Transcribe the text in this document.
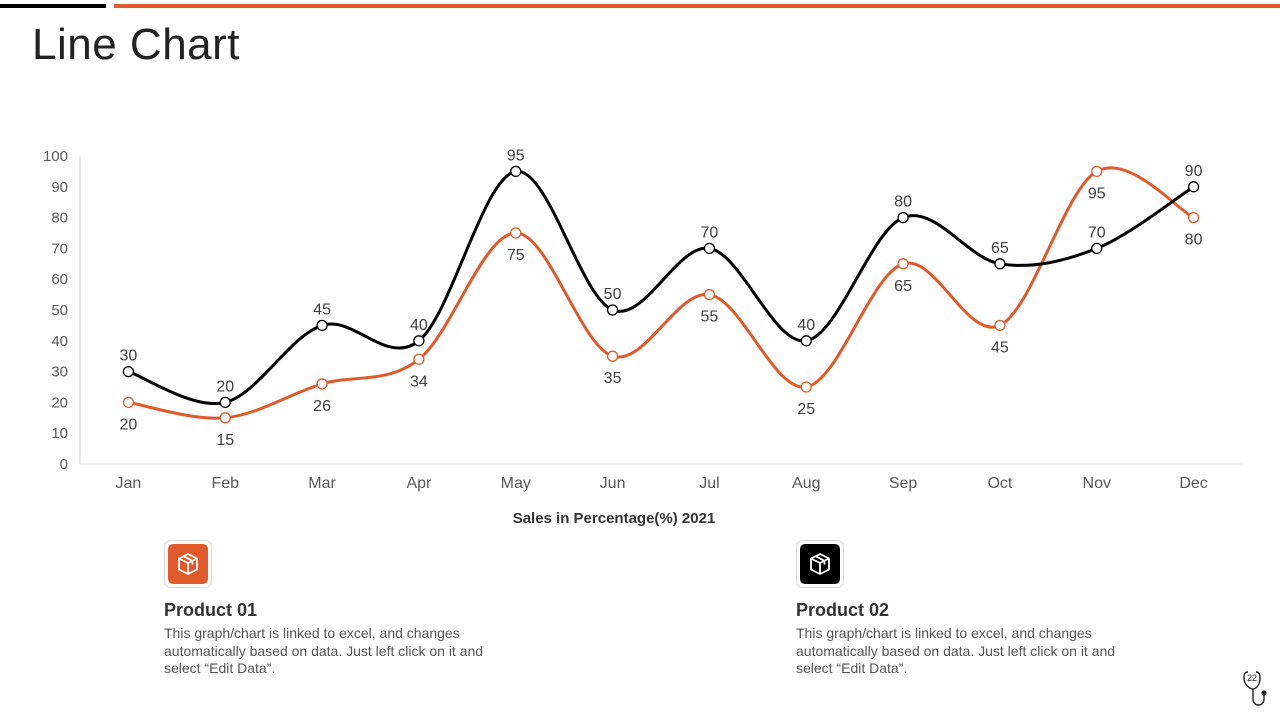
Line Chart
0
10
20
30
40
50
60
70
80
90
100
Jan	Feb	Mar	Apr	May	Jun	Jul	Aug	Sep	Oct	Nov	Dec
30
20
45
40
95
50
70
40
80
65
70
90
20
15
26
34
75
35
55
25
65
45
95
80
Sales in Percentage(%) 2021
Product 01
This graph/chart is linked to excel, and changes automatically based on data. Just left click on it and select “Edit Data”.
Product 02
This graph/chart is linked to excel, and changes automatically based on data. Just left click on it and select “Edit Data”.
22
